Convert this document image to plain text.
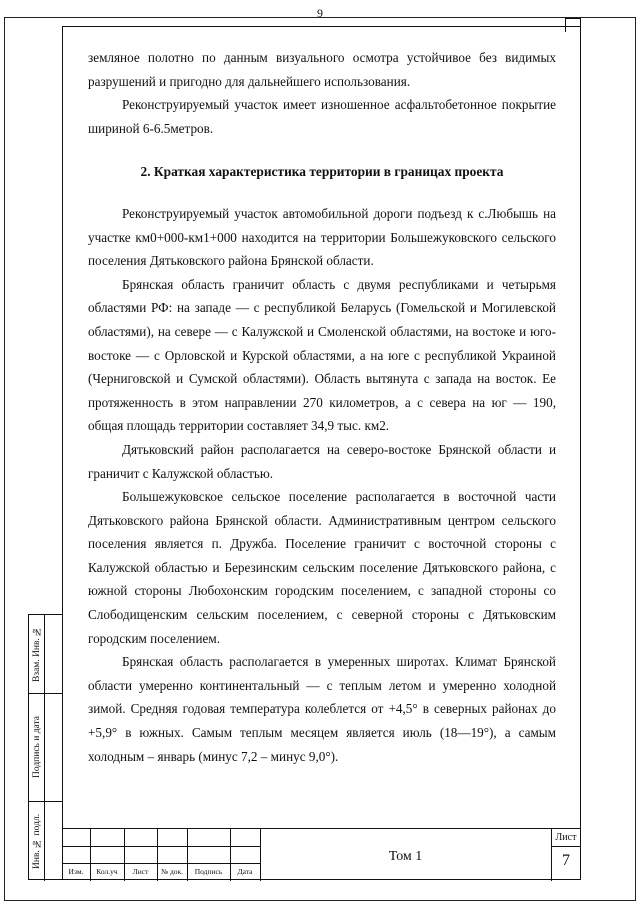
9

земляное полотно по данным визуального осмотра устойчивое без видимых разрушений и пригодно для дальнейшего использования.

Реконструируемый участок имеет изношенное асфальтобетонное покрытие шириной 6-6.5метров.

2. Краткая характеристика территории в границах проекта

Реконструируемый участок автомобильной дороги подъезд к с.Любышь на участке км0+000-км1+000 находится на территории Большежуковского сельского поселения Дятьковского района Брянской области.

Брянская область граничит область с двумя республиками и четырьмя областями РФ: на западе — с республикой Беларусь (Гомельской и Могилевской областями), на севере — с Калужской и Смоленской областями, на востоке и юго-востоке — с Орловской и Курской областями, а на юге с республикой Украиной (Черниговской и Сумской областями). Область вытянута с запада на восток. Ее протяженность в этом направлении 270 километров, а с севера на юг — 190, общая площадь территории составляет 34,9 тыс. км2.

Дятьковский район располагается на северо-востоке Брянской области и граничит с Калужской областью.

Большежуковское сельское поселение располагается в восточной части Дятьковского района Брянской области. Административным центром сельского поселения является п. Дружба. Поселение граничит с восточной стороны с Калужской областью и Березинским сельским поселение Дятьковского района, с южной стороны Любохонским городским поселением, с западной стороны со Слободищенским сельским поселением, с северной стороны с Дятьковским городским поселением.

Брянская область располагается в умеренных широтах. Климат Брянской области умеренно континентальный — с теплым летом и умеренно холодной зимой. Средняя годовая температура колеблется от +4,5° в северных районах до +5,9° в южных. Самым теплым месяцем является июль (18—19°), а самым холодным – январь (минус 7,2 – минус 9,0°).

Взам. Инв. №
Подпись и дата
Инв. № подл.
Изм.	Кол.уч	Лист	№ док.	Подпись	Дата
Том 1
Лист
7
